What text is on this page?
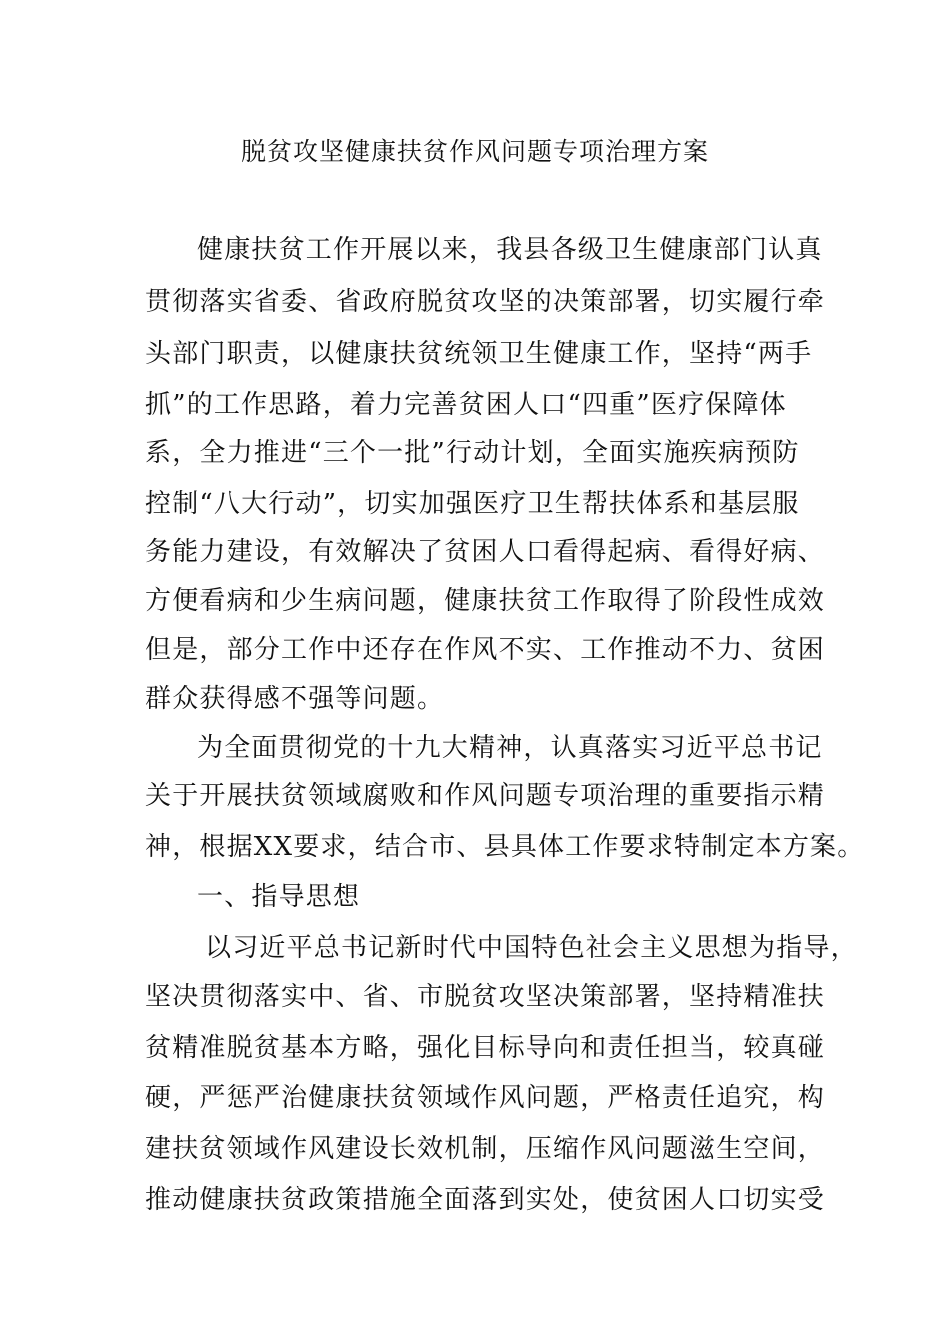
脱贫攻坚健康扶贫作风问题专项治理方案
健康扶贫工作开展以来，我县各级卫生健康部门认真
贯彻落实省委、省政府脱贫攻坚的决策部署，切实履行牵
头部门职责，以健康扶贫统领卫生健康工作，坚持“两手
抓”的工作思路，着力完善贫困人口“四重”医疗保障体
系，全力推进“三个一批”行动计划，全面实施疾病预防
控制“八大行动”，切实加强医疗卫生帮扶体系和基层服
务能力建设，有效解决了贫困人口看得起病、看得好病、
方便看病和少生病问题，健康扶贫工作取得了阶段性成效
但是，部分工作中还存在作风不实、工作推动不力、贫困
群众获得感不强等问题。
为全面贯彻党的十九大精神，认真落实习近平总书记
关于开展扶贫领域腐败和作风问题专项治理的重要指示精
神，根据XX要求，结合市、县具体工作要求特制定本方案。
一、指导思想
以习近平总书记新时代中国特色社会主义思想为指导，
坚决贯彻落实中、省、市脱贫攻坚决策部署，坚持精准扶
贫精准脱贫基本方略，强化目标导向和责任担当，较真碰
硬，严惩严治健康扶贫领域作风问题，严格责任追究，构
建扶贫领域作风建设长效机制，压缩作风问题滋生空间，
推动健康扶贫政策措施全面落到实处，使贫困人口切实受
